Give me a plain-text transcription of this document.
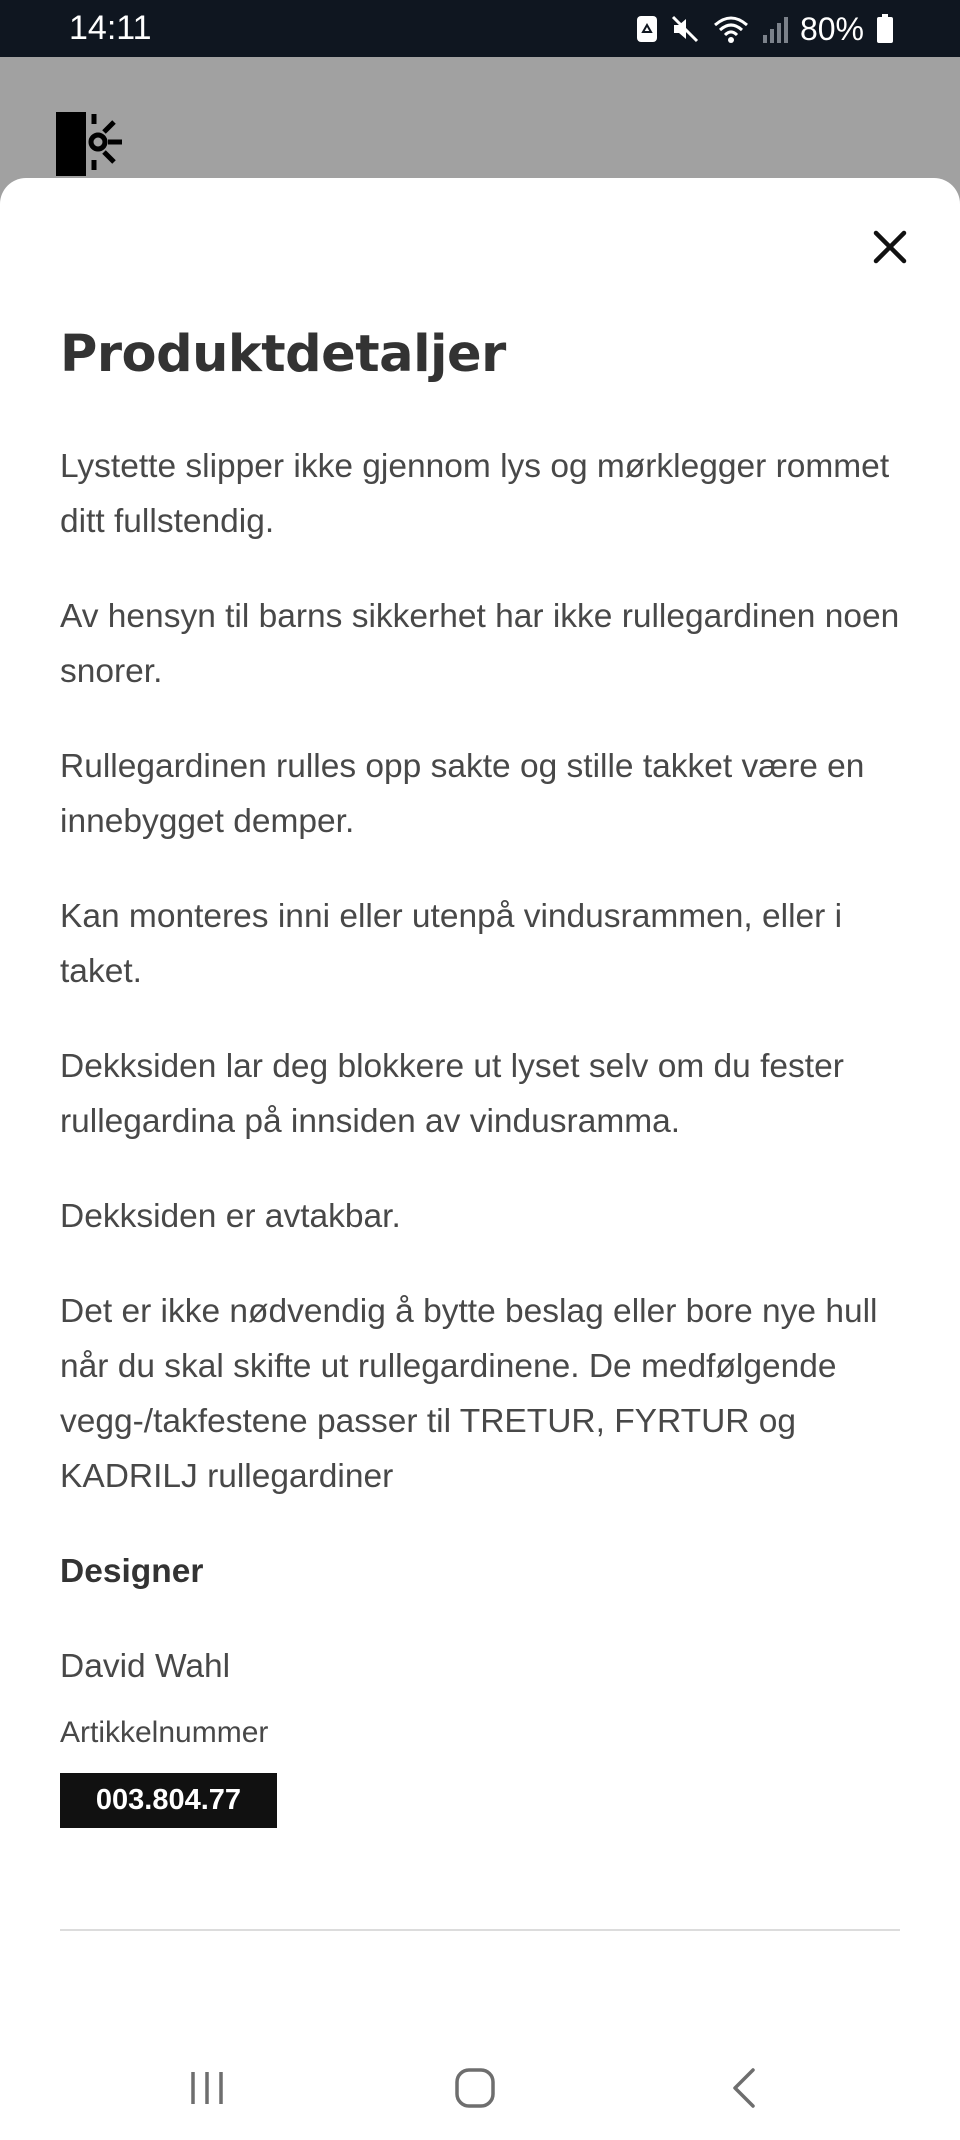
14:11	80%
Produktdetaljer

Lystette slipper ikke gjennom lys og mørklegger rommet ditt fullstendig.

Av hensyn til barns sikkerhet har ikke rullegardinen noen snorer.

Rullegardinen rulles opp sakte og stille takket være en innebygget demper.

Kan monteres inni eller utenpå vindusrammen, eller i taket.

Dekksiden lar deg blokkere ut lyset selv om du fester rullegardina på innsiden av vindusramma.

Dekksiden er avtakbar.

Det er ikke nødvendig å bytte beslag eller bore nye hull når du skal skifte ut rullegardinene. De medfølgende vegg-/takfestene passer til TRETUR, FYRTUR og KADRILJ rullegardiner

Designer

David Wahl

Artikkelnummer
003.804.77
